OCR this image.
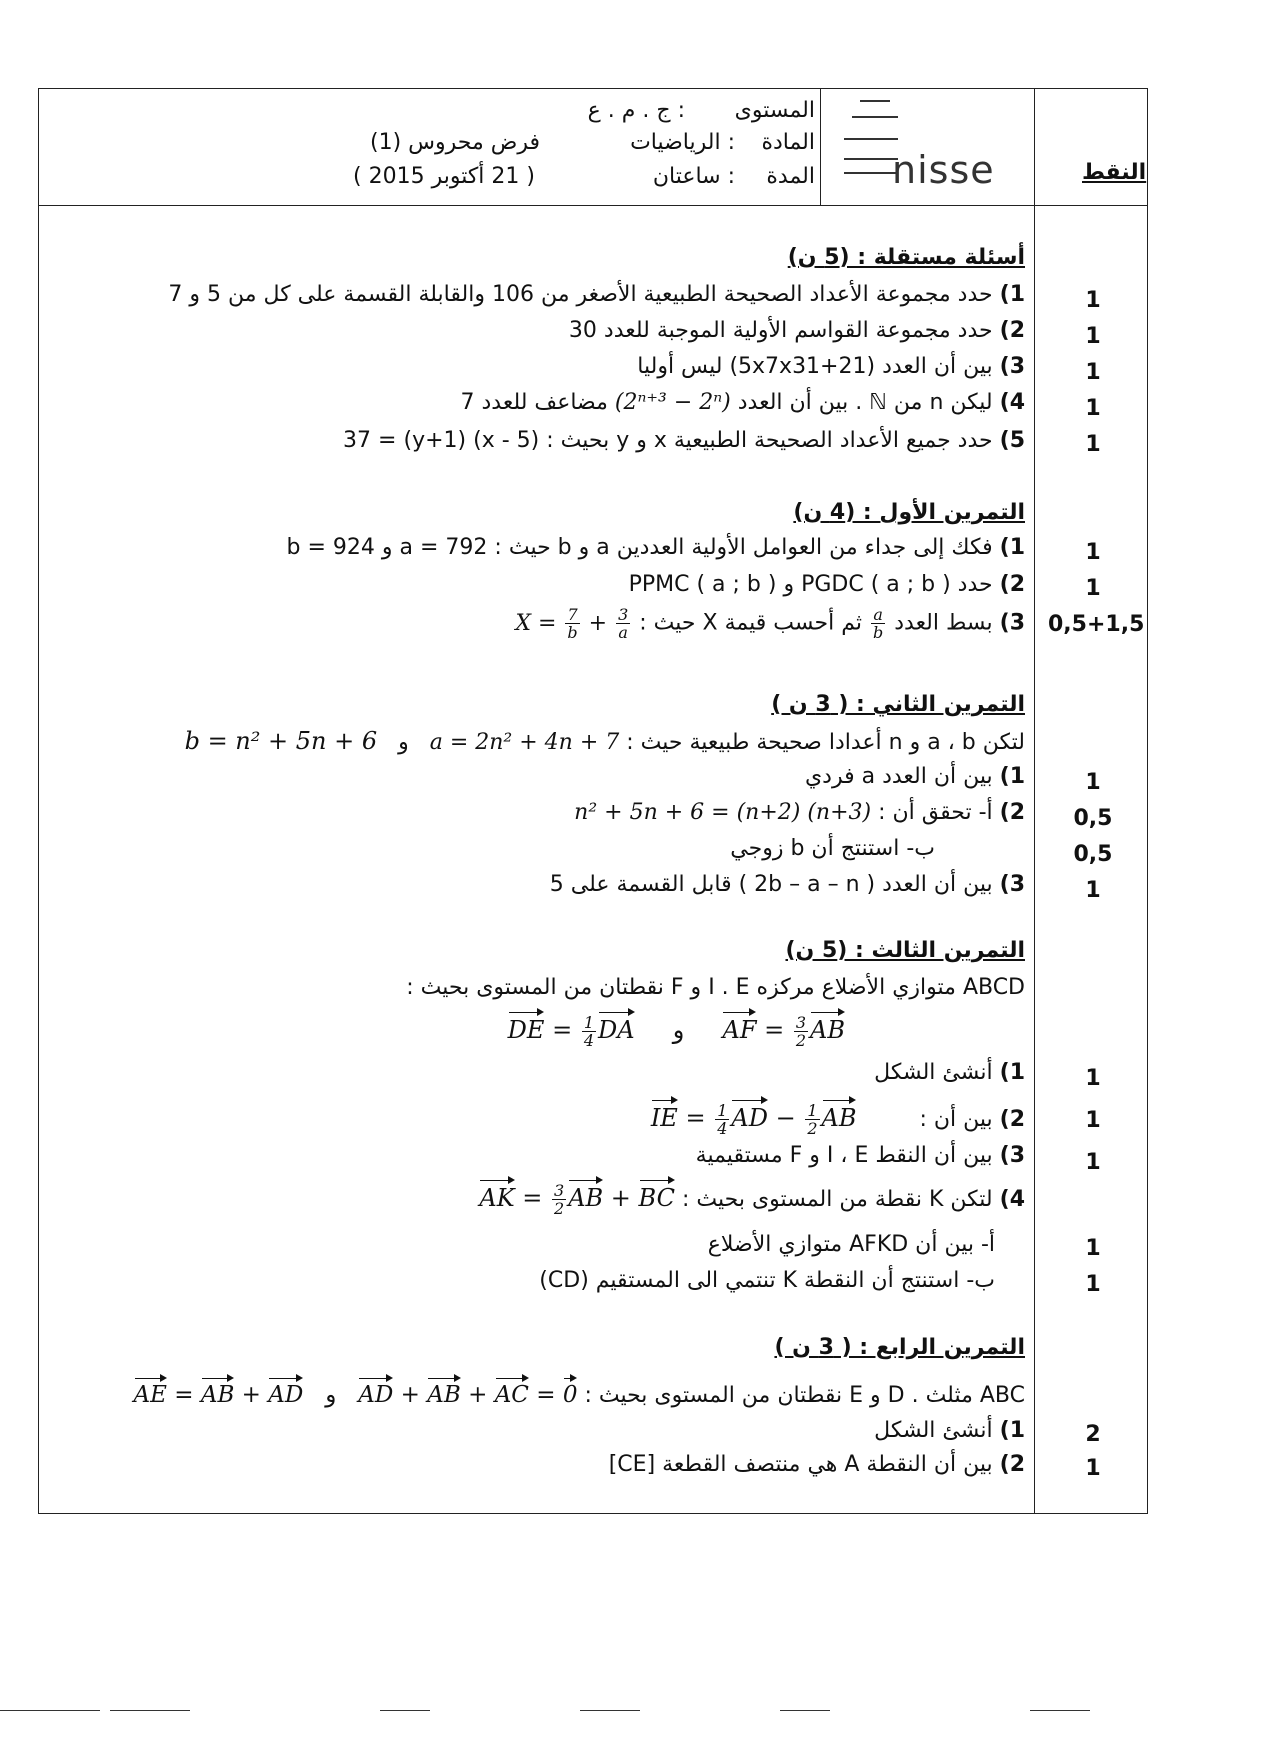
nisse	النقط
المستوى
: ج . م . ع
المادة
: الرياضيات
المدة
: ساعتان
فرض محروس (1)
( 21 أكتوبر 2015 )
أسئلة مستقلة : (5 ن)
1) حدد مجموعة الأعداد الصحيحة الطبيعية الأصغر من 106 والقابلة القسمة على كل من 5 و 7
2) حدد مجموعة القواسم الأولية الموجبة للعدد 30
3) بين أن العدد (5x7x31+21) ليس أوليا
4) ليكن n من ℕ . بين أن العدد (2ⁿ⁺³ − 2ⁿ) مضاعف للعدد 7
5) حدد جميع الأعداد الصحيحة الطبيعية x و y بحيث : (x - 5) (y+1) = 37
1
1
1
1
1
التمرين الأول : (4 ن)
1) فكك إلى جداء من العوامل الأولية العددين a و b حيث : a = 792 و b = 924
2) حدد PGDC ( a ; b ) و PPMC ( a ; b )
3) بسط العدد
$\frac{a}{b}$
ثم أحسب قيمة X حيث : $X = \frac{7}{b} + \frac{3}{a}$
1
1
0,5+1,5
التمرين الثاني : ( 3 ن )
لتكن a ، b و n أعدادا صحيحة طبيعية حيث : a = 2n² + 4n + 7   و   b = n² + 5n + 6
1) بين أن العدد a فردي
2) أ- تحقق أن : n² + 5n + 6 = (n+2) (n+3)
ب- استنتج أن b زوجي
3) بين أن العدد ( 2b – a – n ) قابل القسمة على 5
1
0,5
0,5
1
التمرين الثالث : (5 ن)
ABCD متوازي الأضلاع مركزه I . E و F نقطتان من المستوى بحيث :
DE = $\frac{1}{4}$ DA و AF = $\frac{3}{2}$ AB
1) أنشئ الشكل
2) بين أن :         IE = $\frac{1}{4}$ AD − $\frac{1}{2}$ AB
3) بين أن النقط I ، E و F مستقيمية
4) لتكن K نقطة من المستوى بحيث : AK = $\frac{3}{2}$ AB + BC
أ- بين أن AFKD متوازي الأضلاع
ب- استنتج أن النقطة K تنتمي الى المستقيم (CD)
1
1
1
1
1
التمرين الرابع : ( 3 ن )
ABC مثلث . D و E نقطتان من المستوى بحيث : AE = AB + AD و AD + AB + AC = 0
1) أنشئ الشكل
2) بين أن النقطة A هي منتصف القطعة [CE]
2
1
